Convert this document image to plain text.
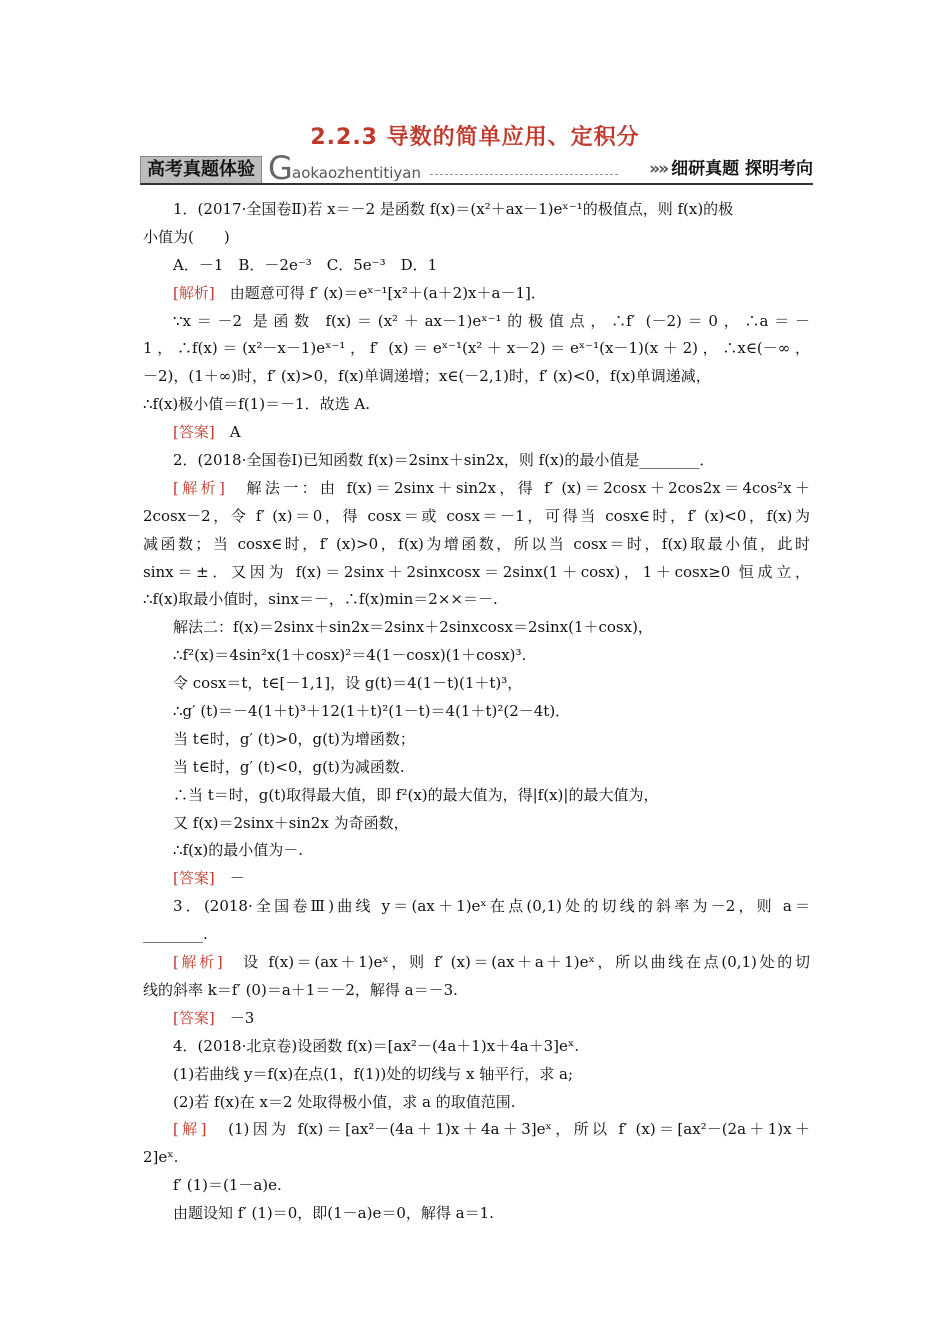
2.2.3 导数的简单应用、定积分
高考真题体验 G aokaozhentitiyan	»» 细研真题 探明考向
1．(2017·全国卷Ⅱ)若 x＝－2 是函数 f(x)＝(x²＋ax－1)eˣ⁻¹的极值点，则 f(x)的极
小值为(　　)
A．－1　B．－2e⁻³　C．5e⁻³　D．1
[解析]　由题意可得 f′ (x)＝eˣ⁻¹[x²＋(a＋2)x＋a－1]．
∵x＝－2 是函数 f(x)＝(x²＋ax－1)eˣ⁻¹的极值点，∴f′ (－2)＝0，∴a＝－
1，∴f(x)＝(x²－x－1)eˣ⁻¹，f′ (x)＝eˣ⁻¹(x²＋x－2)＝eˣ⁻¹(x－1)(x＋2)，∴x∈(－∞，
－2)，(1＋∞)时，f′ (x)>0，f(x)单调递增；x∈(－2,1)时，f′ (x)<0，f(x)单调递减，
∴f(x)极小值＝f(1)＝－1．故选 A.
[答案]　A
2．(2018·全国卷Ⅰ)已知函数 f(x)＝2sinx＋sin2x，则 f(x)的最小值是________．
[解析]　解法一：由 f(x)＝2sinx＋sin2x，得 f′ (x)＝2cosx＋2cos2x＝4cos²x＋
2cosx－2，令 f′ (x)＝0，得 cosx＝或 cosx＝－1，可得当 cosx∈时，f′ (x)<0，f(x)为
减函数；当 cosx∈时，f′ (x)>0，f(x)为增函数，所以当 cosx＝时，f(x)取最小值，此时
sinx＝±．又因为 f(x)＝2sinx＋2sinxcosx＝2sinx(1＋cosx)，1＋cosx≥0 恒成立，
∴f(x)取最小值时，sinx＝－，∴f(x)min＝2××＝－.
解法二：f(x)＝2sinx＋sin2x＝2sinx＋2sinxcosx＝2sinx(1＋cosx)，
∴f²(x)＝4sin²x(1＋cosx)²＝4(1－cosx)(1＋cosx)³.
令 cosx＝t，t∈[－1,1]，设 g(t)＝4(1－t)(1＋t)³，
∴g′ (t)＝－4(1＋t)³＋12(1＋t)²(1－t)＝4(1＋t)²(2－4t)．
当 t∈时，g′ (t)>0，g(t)为增函数；
当 t∈时，g′ (t)<0，g(t)为减函数.
∴当 t＝时，g(t)取得最大值，即 f²(x)的最大值为，得|f(x)|的最大值为，
又 f(x)＝2sinx＋sin2x 为奇函数，
∴f(x)的最小值为－.
[答案]　－
3．(2018·全国卷Ⅲ)曲线 y＝(ax＋1)eˣ在点(0,1)处的切线的斜率为－2，则 a＝
________.
[解析]　设 f(x)＝(ax＋1)eˣ，则 f′ (x)＝(ax＋a＋1)eˣ，所以曲线在点(0,1)处的切
线的斜率 k＝f′ (0)＝a＋1＝－2，解得 a＝－3.
[答案]　－3
4．(2018·北京卷)设函数 f(x)＝[ax²－(4a＋1)x＋4a＋3]eˣ.
(1)若曲线 y＝f(x)在点(1，f(1))处的切线与 x 轴平行，求 a;
(2)若 f(x)在 x＝2 处取得极小值，求 a 的取值范围.
[解]　(1)因为 f(x)＝[ax²－(4a＋1)x＋4a＋3]eˣ，所以 f′ (x)＝[ax²－(2a＋1)x＋
2]eˣ.
f′ (1)＝(1－a)e.
由题设知 f′ (1)＝0，即(1－a)e＝0，解得 a＝1.
